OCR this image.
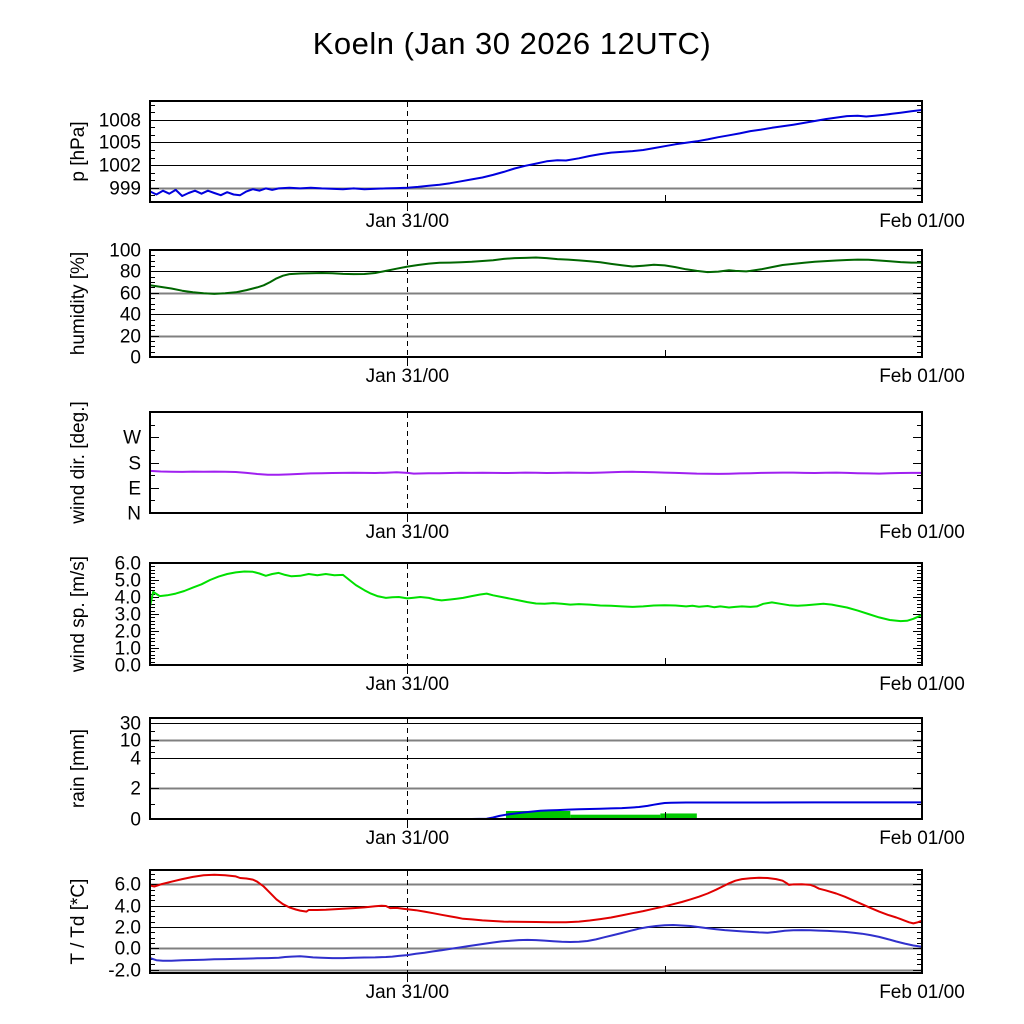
Koeln (Jan 30 2026 12UTC)
999
1002
1005
1008
p [hPa]
Jan 31/00	Feb 01/00
0
20
40
60
80
100
humidity [%]
Jan 31/00	Feb 01/00
N
E
S
W
wind dir. [deg.]
Jan 31/00	Feb 01/00
0.0
1.0
2.0
3.0
4.0
5.0
6.0
wind sp. [m/s]
Jan 31/00	Feb 01/00
0
2
4
10
30
rain [mm]
Jan 31/00	Feb 01/00
-2.0
0.0
2.0
4.0
6.0
T / Td [*C]
Jan 31/00	Feb 01/00
